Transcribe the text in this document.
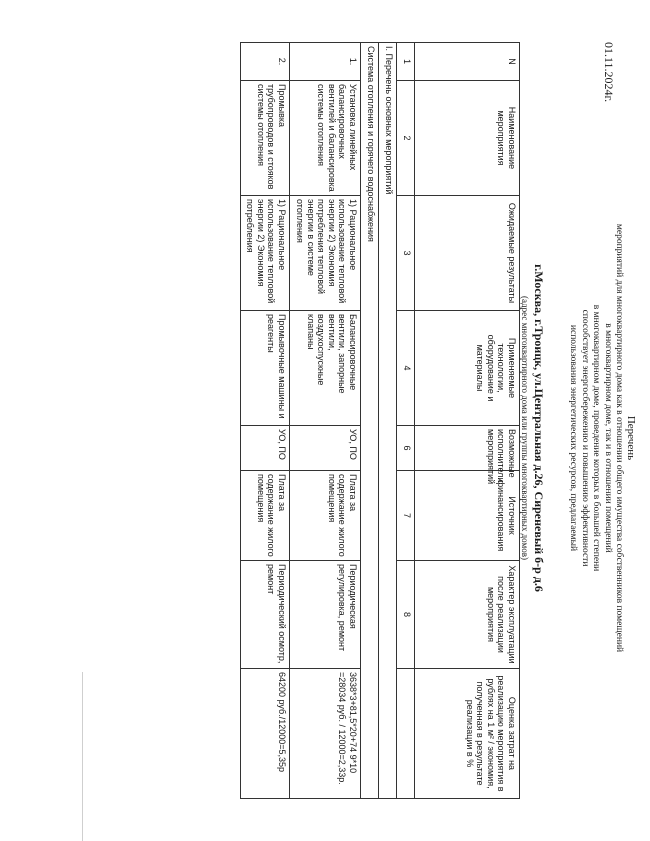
01.11.2024г.
Перечень
мероприятий для многоквартирного дома как в отношении общего имущества собственников помещений
в многоквартирном доме, так и в отношении помещений
в многоквартирном доме, проведение которых в большей степени
способствует энергосбережению и повышению эффективности
использования энергетических ресурсов, предлагаемый
г.Москва, г.Троицк, ул.Центральная д.26, Сиреневый б-р д.6
(адрес многоквартирного дома или группы многоквартирных домов)
N	Наименование мероприятия	Ожидаемые результаты	Применяемые технологии, оборудование и материалы	Возможные исполнители мероприятий	Источник финансирования	Характер эксплуатации после реализации мероприятия	Оценка затрат на реализацию мероприятия в рублях на 1 м² / экономия, полученная в результате реализации в %
1	2	3	4	6	7	8	
I. Перечень основных мероприятий							
Система отопления и горячего водоснабжения							
1.	Установка линейных балансировочных вентилей и балансировка системы отопления	1) Рациональное использование тепловой энергии 2) Экономия потребления тепловой энергии в системе отопления	Балансировочные вентили, запорные вентили, воздухоспускные клапаны	УО, ПО	Плата за содержание жилого помещения	Периодическая регулировка, ремонт	3638*3+81,5*20+74 9*10 =28034 руб. / 12000=2,33р.
2.	Промывка трубопроводов и стояков системы отопления	1) Рациональное использование тепловой энергии 2) Экономия потребления	Промывочные машины и реагенты	УО, ПО	Плата за содержание жилого помещения	Периодический осмотр, ремонт	64200 руб./12000=5,35р
